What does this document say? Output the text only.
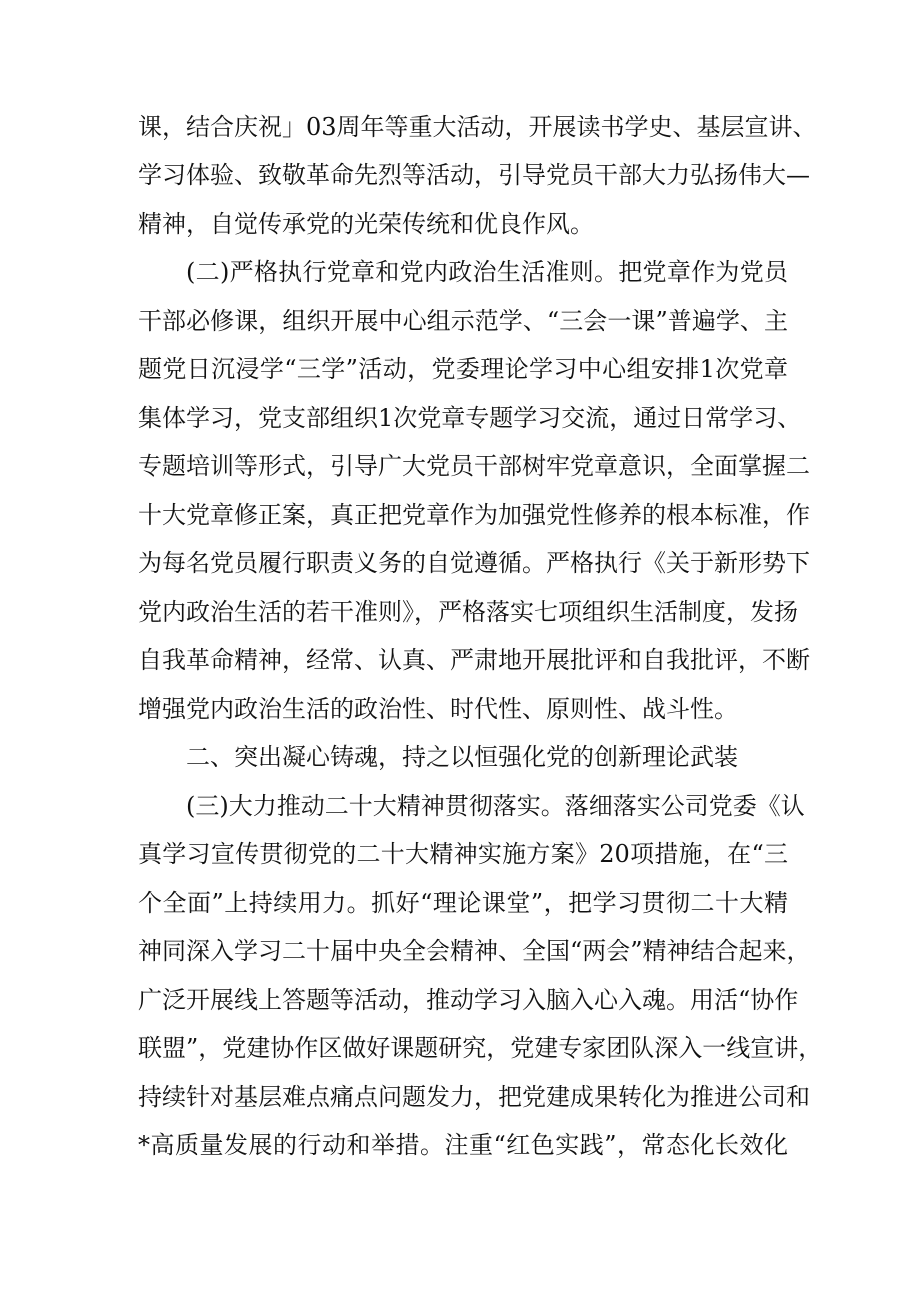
课，结合庆祝」03周年等重大活动，开展读书学史、基层宣讲、
学习体验、致敬革命先烈等活动，引导党员干部大力弘扬伟大—
精神，自觉传承党的光荣传统和优良作风。
(二)严格执行党章和党内政治生活准则。把党章作为党员
干部必修课，组织开展中心组示范学、“三会一课”普遍学、主
题党日沉浸学“三学”活动，党委理论学习中心组安排1次党章
集体学习，党支部组织1次党章专题学习交流，通过日常学习、
专题培训等形式，引导广大党员干部树牢党章意识，全面掌握二
十大党章修正案，真正把党章作为加强党性修养的根本标准，作
为每名党员履行职责义务的自觉遵循。严格执行《关于新形势下
党内政治生活的若干准则》，严格落实七项组织生活制度，发扬
自我革命精神，经常、认真、严肃地开展批评和自我批评，不断
增强党内政治生活的政治性、时代性、原则性、战斗性。
二、突出凝心铸魂，持之以恒强化党的创新理论武装
(三)大力推动二十大精神贯彻落实。落细落实公司党委《认
真学习宣传贯彻党的二十大精神实施方案》20项措施，在“三
个全面”上持续用力。抓好“理论课堂”，把学习贯彻二十大精
神同深入学习二十届中央全会精神、全国“两会”精神结合起来，
广泛开展线上答题等活动，推动学习入脑入心入魂。用活“协作
联盟”，党建协作区做好课题研究，党建专家团队深入一线宣讲，
持续针对基层难点痛点问题发力，把党建成果转化为推进公司和
*高质量发展的行动和举措。注重“红色实践”，常态化长效化
